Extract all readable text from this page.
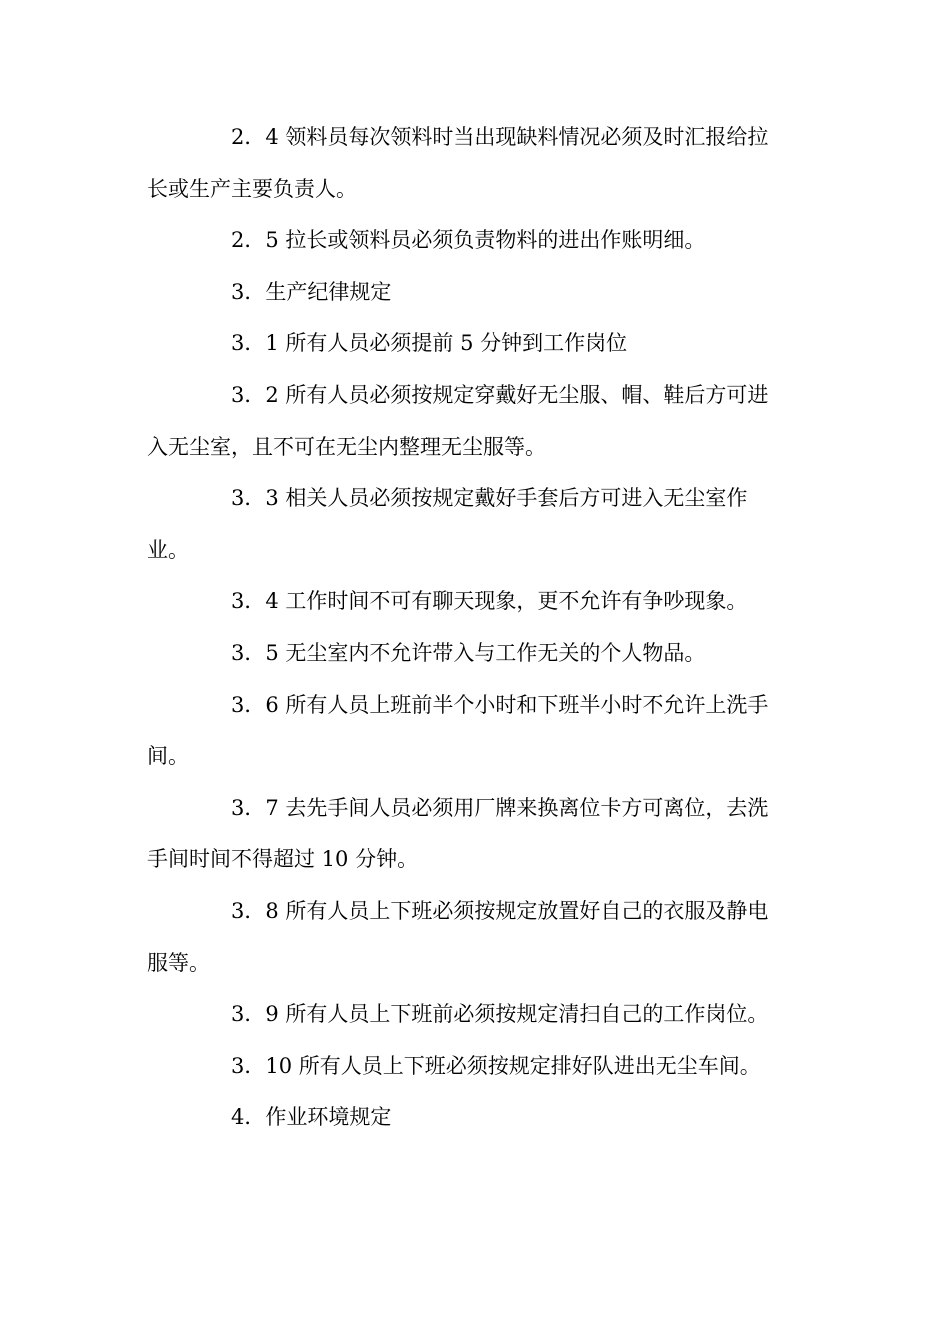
2．4 领料员每次领料时当出现缺料情况必须及时汇报给拉
长或生产主要负责人。

2．5 拉长或领料员必须负责物料的进出作账明细。

3．生产纪律规定

3．1 所有人员必须提前 5 分钟到工作岗位

3．2 所有人员必须按规定穿戴好无尘服、帽、鞋后方可进
入无尘室，且不可在无尘内整理无尘服等。

3．3 相关人员必须按规定戴好手套后方可进入无尘室作
业。

3．4 工作时间不可有聊天现象，更不允许有争吵现象。

3．5 无尘室内不允许带入与工作无关的个人物品。

3．6 所有人员上班前半个小时和下班半小时不允许上洗手
间。

3．7 去先手间人员必须用厂牌来换离位卡方可离位，去洗
手间时间不得超过 10 分钟。

3．8 所有人员上下班必须按规定放置好自己的衣服及静电
服等。

3．9 所有人员上下班前必须按规定清扫自己的工作岗位。

3．10 所有人员上下班必须按规定排好队进出无尘车间。

4．作业环境规定
